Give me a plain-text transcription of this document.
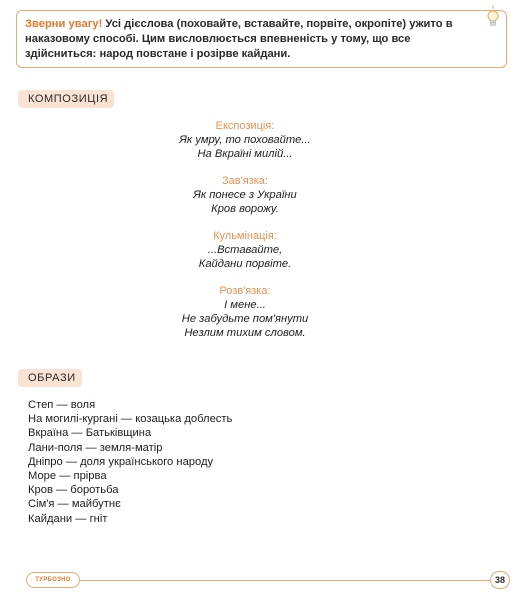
Зверни увагу! Усі дієслова (поховайте, вставайте, порвіте, окропіте) ужито в наказовому способі. Цим висловлюється впевненість у тому, що все здійсниться: народ повстане і розірве кайдани.
КОМПОЗИЦІЯ
Експозиція:
Як умру, то поховайте...
На Вкраїні милій...
Зав'язка:
Як понесе з України
Кров ворожу.
Кульмінація:
...Вставайте,
Кайдани порвіте.
Розв'язка:
І мене...
Не забудьте пом'янути
Незлим тихим словом.
ОБРАЗИ
Степ — воля
На могилі-кургані — козацька доблесть
Вкраїна — Батьківщина
Лани-поля — земля-матір
Дніпро — доля українського народу
Море — прірва
Кров — боротьба
Сім'я — майбутнє
Кайдани — гніт
ТУРБОЗНО	38
